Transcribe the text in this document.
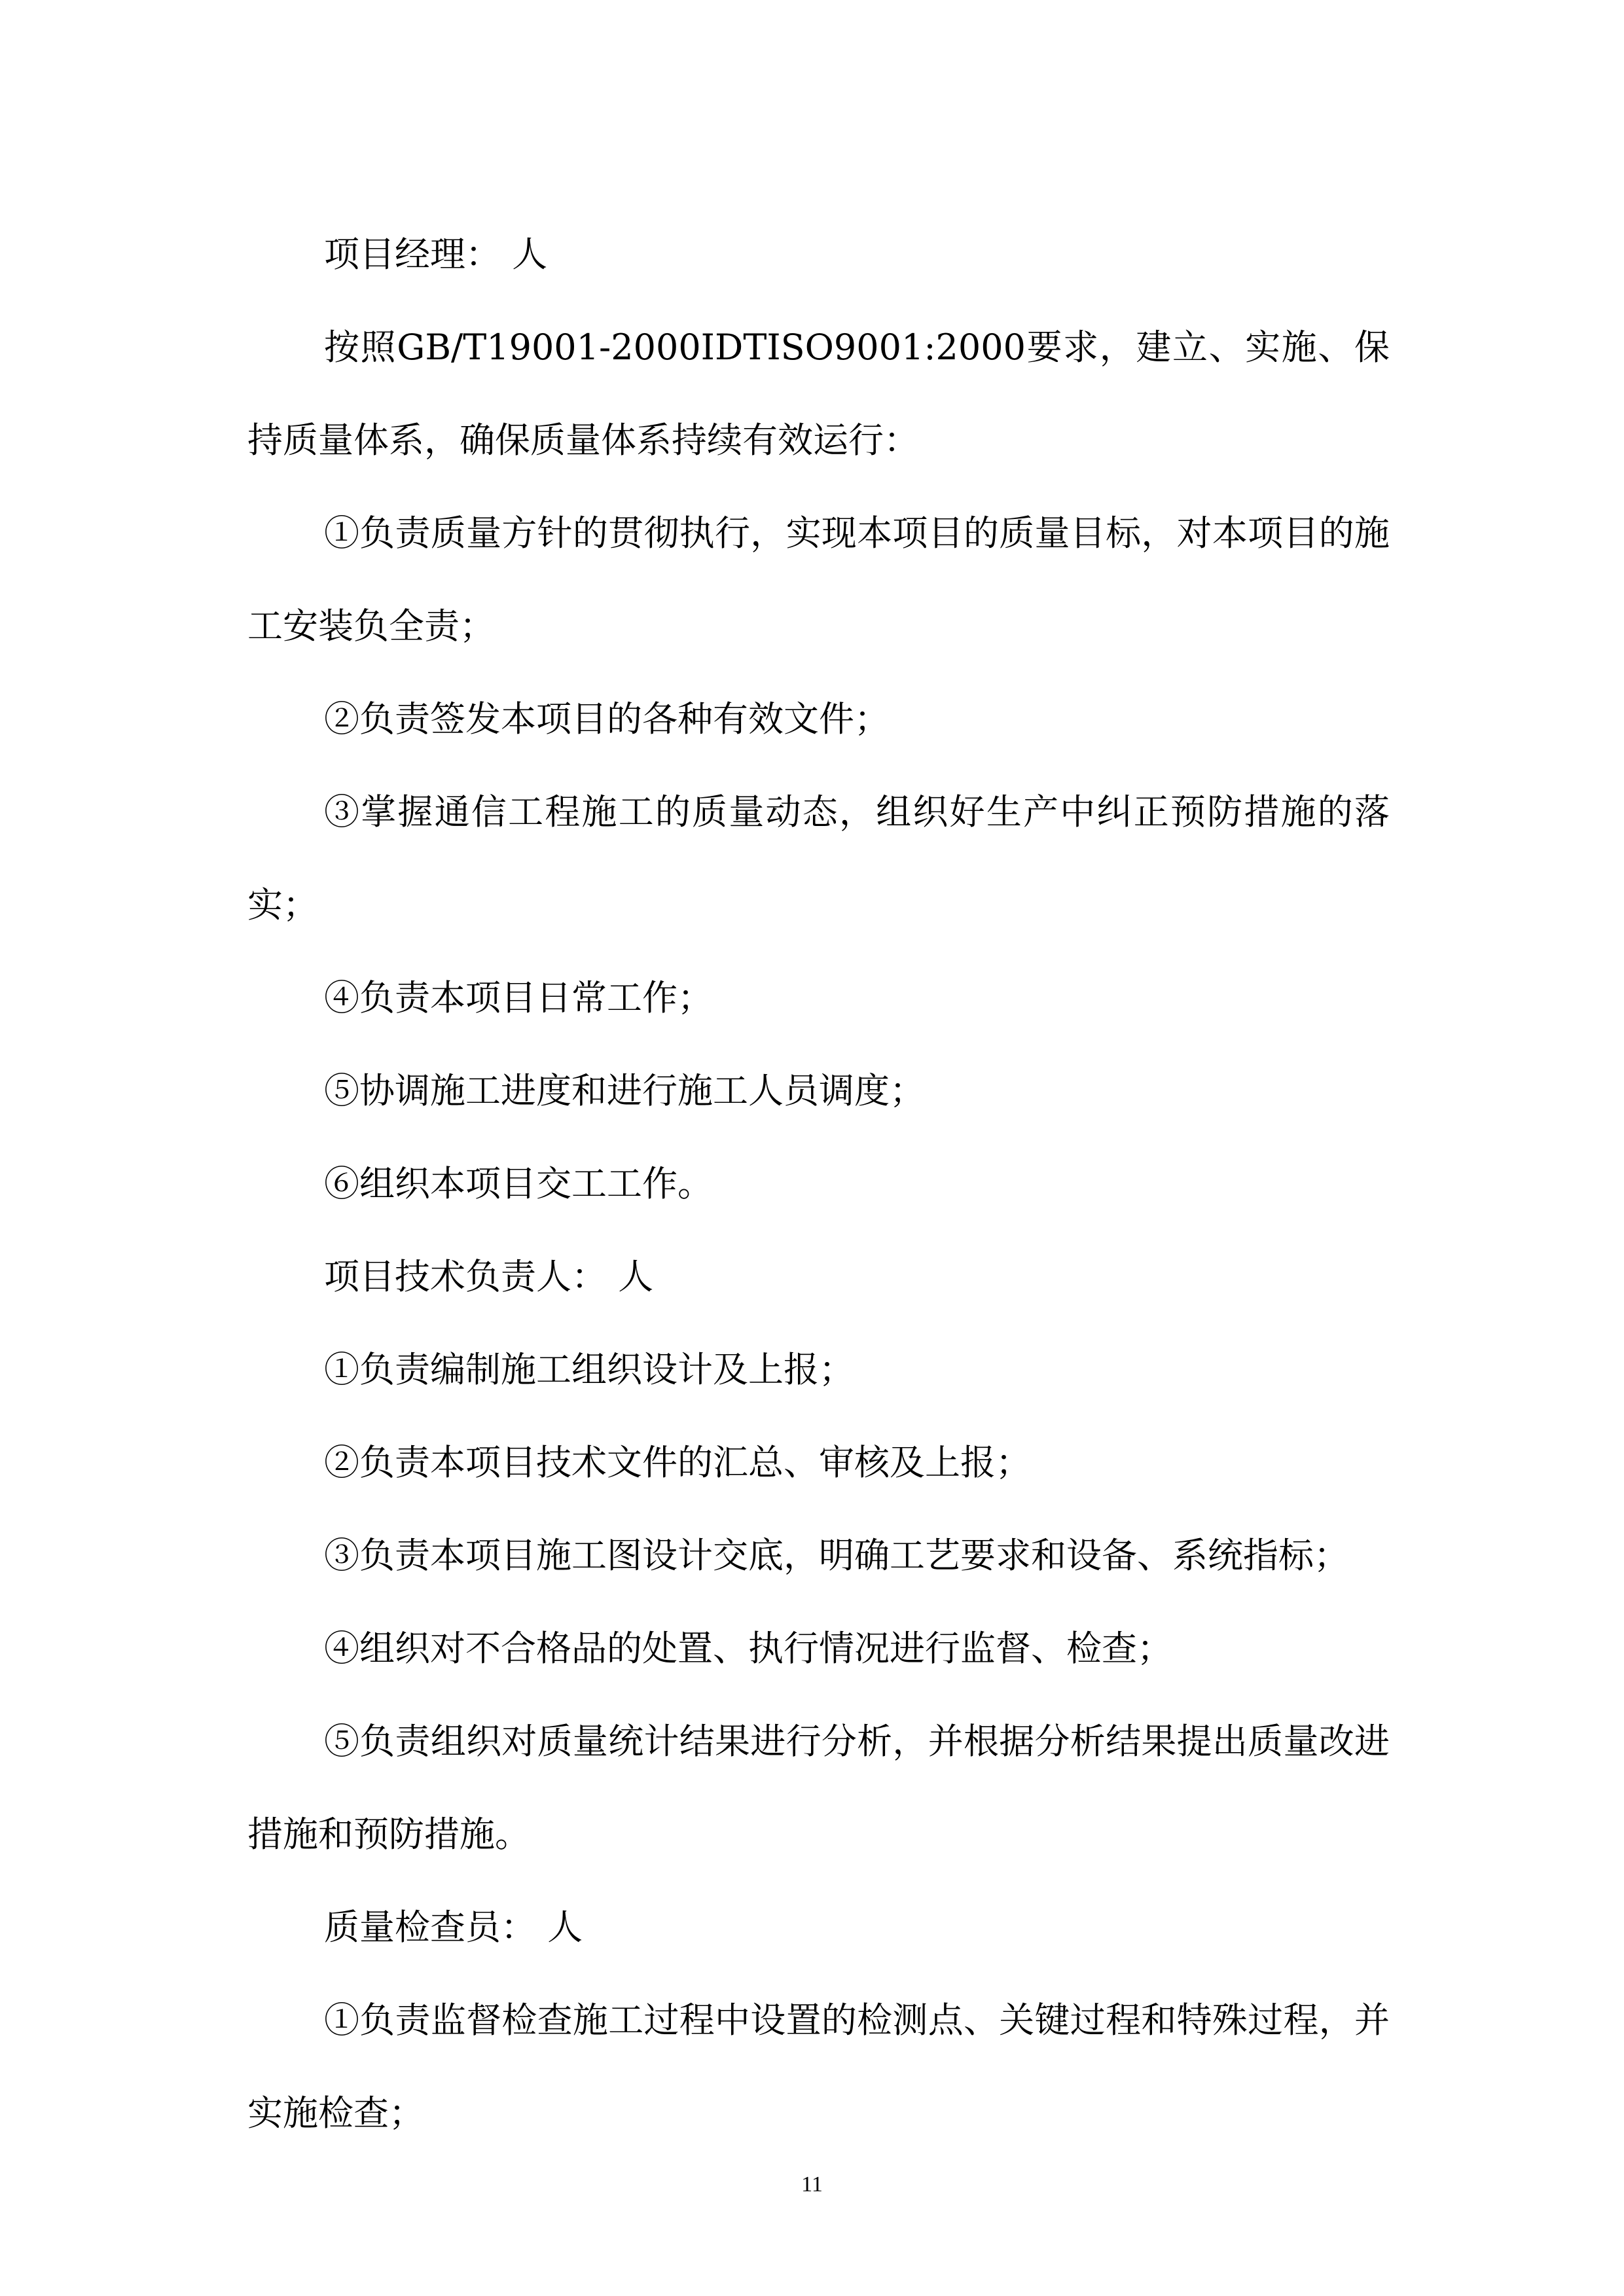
项目经理： 人

按照GB/T19001-2000IDTISO9001:2000要求，建立、实施、保持质量体系，确保质量体系持续有效运行：

①负责质量方针的贯彻执行，实现本项目的质量目标，对本项目的施工安装负全责；

②负责签发本项目的各种有效文件；

③掌握通信工程施工的质量动态，组织好生产中纠正预防措施的落实；

④负责本项目日常工作；

⑤协调施工进度和进行施工人员调度；

⑥组织本项目交工工作。

项目技术负责人： 人

①负责编制施工组织设计及上报；

②负责本项目技术文件的汇总、审核及上报；

③负责本项目施工图设计交底，明确工艺要求和设备、系统指标；

④组织对不合格品的处置、执行情况进行监督、检查；

⑤负责组织对质量统计结果进行分析，并根据分析结果提出质量改进措施和预防措施。

质量检查员： 人

①负责监督检查施工过程中设置的检测点、关键过程和特殊过程，并实施检查；

11
